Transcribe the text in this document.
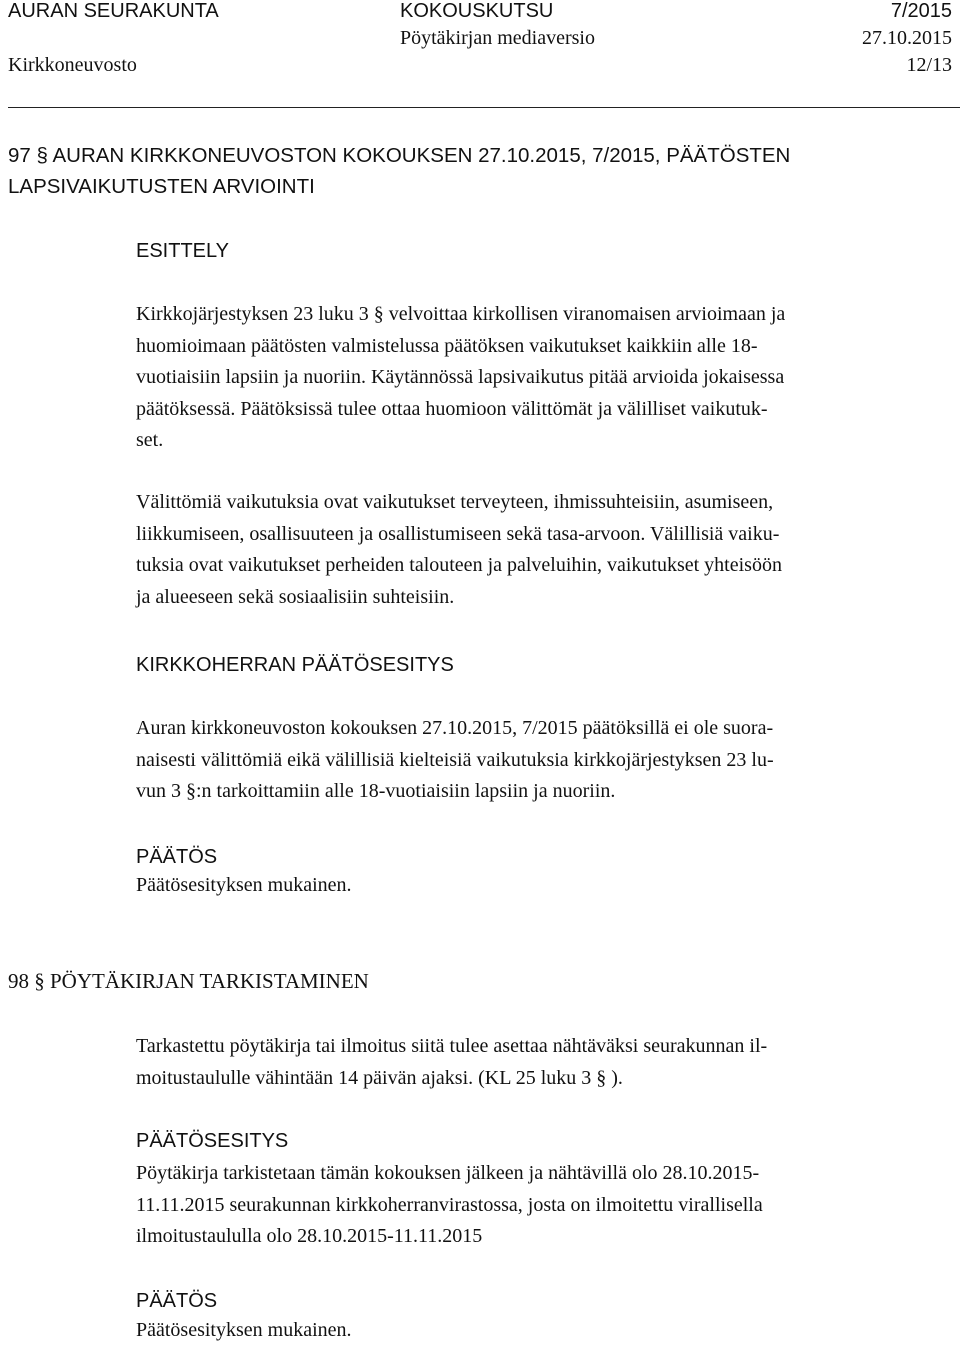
AURAN SEURAKUNTA	KOKOUSKUTSU	7/2015
Pöytäkirjan mediaversio	27.10.2015
Kirkkoneuvosto	12/13
97 § AURAN KIRKKONEUVOSTON KOKOUKSEN 27.10.2015, 7/2015, PÄÄTÖSTEN
LAPSIVAIKUTUSTEN ARVIOINTI
ESITTELY
Kirkkojärjestyksen 23 luku 3 § velvoittaa kirkollisen viranomaisen arvioimaan ja
huomioimaan päätösten valmistelussa päätöksen vaikutukset kaikkiin alle 18-
vuotiaisiin lapsiin ja nuoriin. Käytännössä lapsivaikutus pitää arvioida jokaisessa
päätöksessä. Päätöksissä tulee ottaa huomioon välittömät ja välilliset vaikutuk-
set.
Välittömiä vaikutuksia ovat vaikutukset terveyteen, ihmissuhteisiin, asumiseen,
liikkumiseen, osallisuuteen ja osallistumiseen sekä tasa-arvoon. Välillisiä vaiku-
tuksia ovat vaikutukset perheiden talouteen ja palveluihin, vaikutukset yhteisöön
ja alueeseen sekä sosiaalisiin suhteisiin.
KIRKKOHERRAN PÄÄTÖSESITYS
Auran kirkkoneuvoston kokouksen 27.10.2015, 7/2015 päätöksillä ei ole suora-
naisesti välittömiä eikä välillisiä kielteisiä vaikutuksia kirkkojärjestyksen 23 lu-
vun 3 §:n tarkoittamiin alle 18-vuotiaisiin lapsiin ja nuoriin.
PÄÄTÖS
Päätösesityksen mukainen.
98 § PÖYTÄKIRJAN TARKISTAMINEN
Tarkastettu pöytäkirja tai ilmoitus siitä tulee asettaa nähtäväksi seurakunnan il-
moitustaululle vähintään 14 päivän ajaksi. (KL 25 luku 3 § ).
PÄÄTÖSESITYS
Pöytäkirja tarkistetaan tämän kokouksen jälkeen ja nähtävillä olo 28.10.2015-
11.11.2015 seurakunnan kirkkoherranvirastossa, josta on ilmoitettu virallisella
ilmoitustaululla olo 28.10.2015-11.11.2015
PÄÄTÖS
Päätösesityksen mukainen.
